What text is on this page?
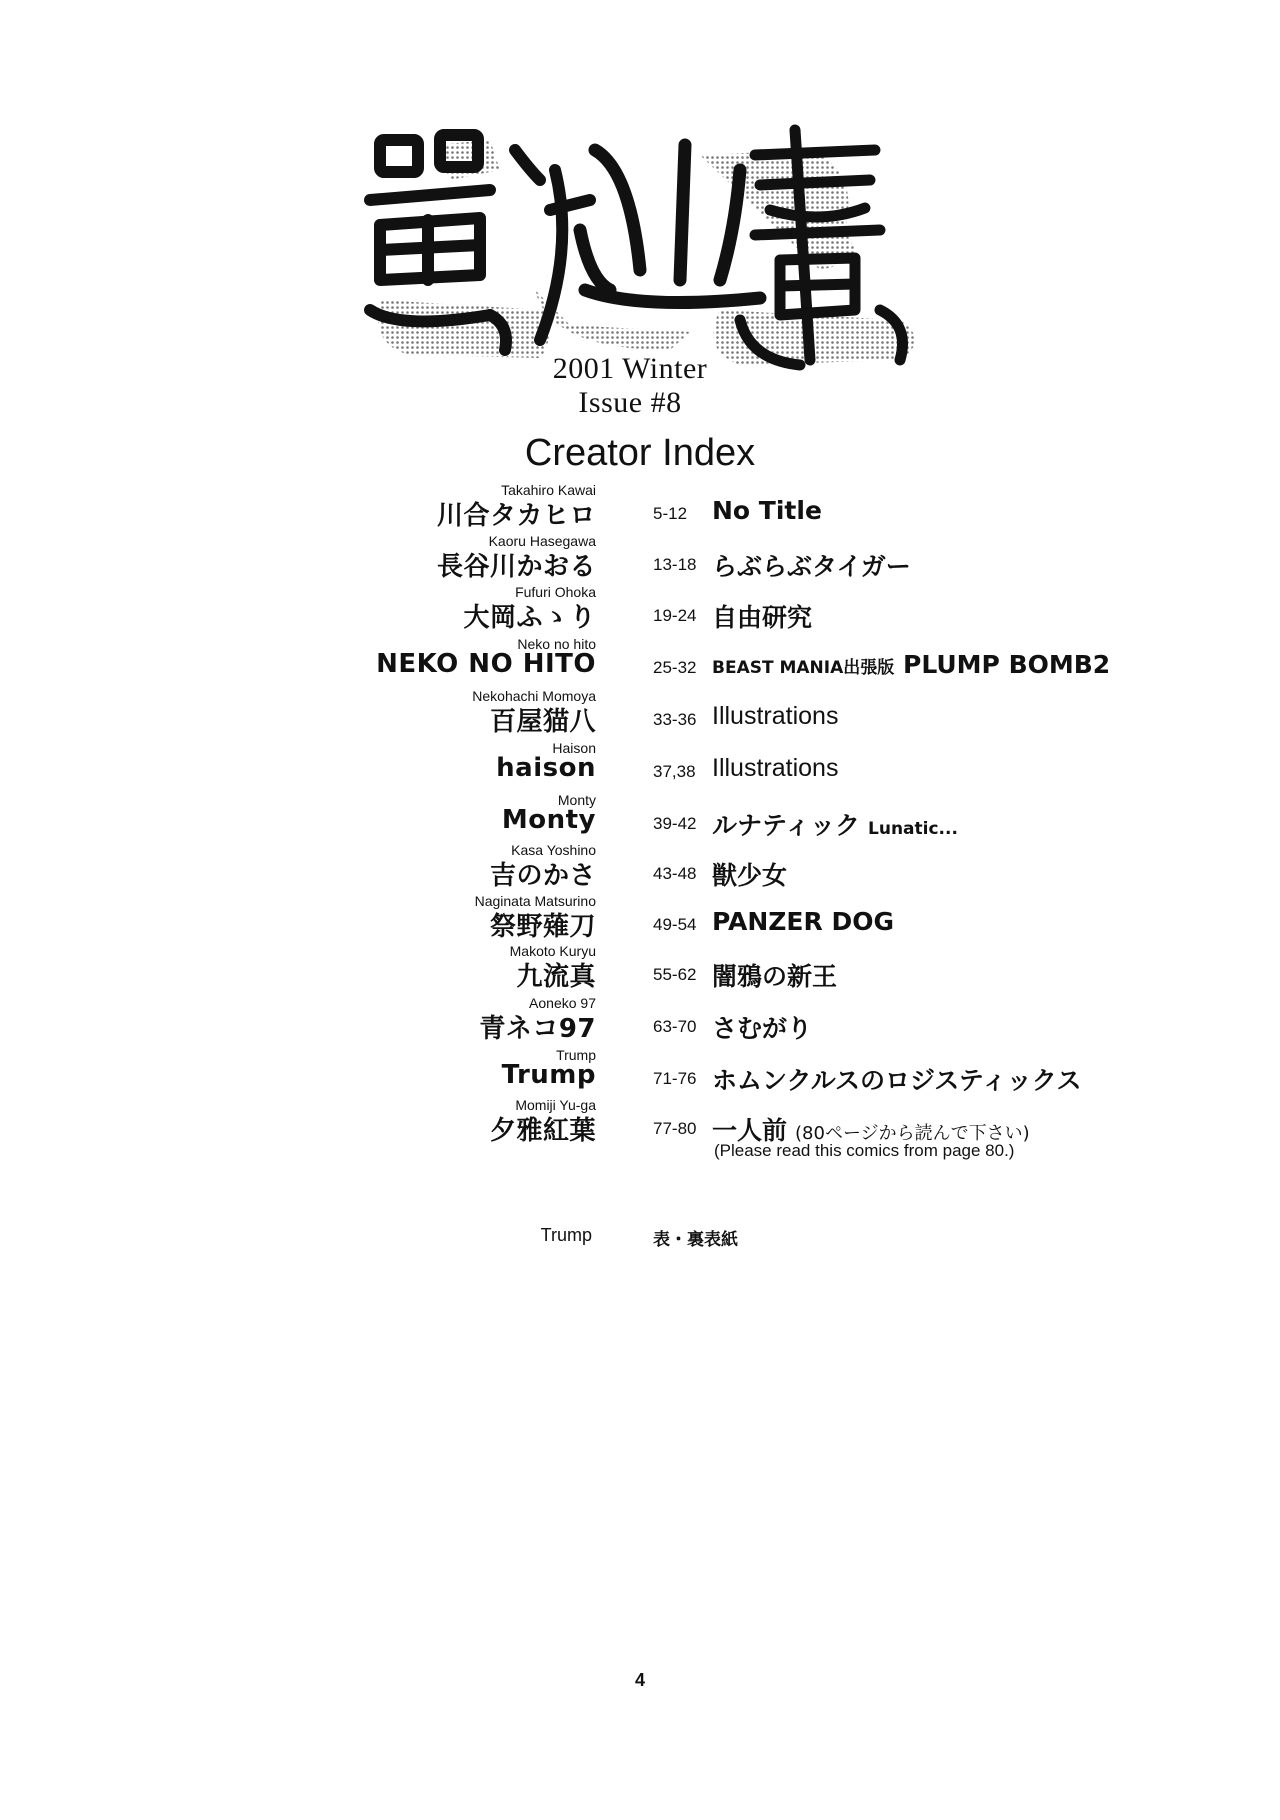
2001 Winter
Issue #8
Creator Index
Takahiro Kawai
川合タカヒロ	5-12 No Title
Kaoru Hasegawa
長谷川かおる	13-18 らぶらぶタイガー
Fufuri Ohoka
大岡ふゝり	19-24 自由研究
Neko no hito
NEKO NO HITO	25-32 BEAST MANIA出張版 PLUMP BOMB2
Nekohachi Momoya
百屋猫八	33-36 Illustrations
Haison
haison	37,38 Illustrations
Monty
Monty	39-42 ルナティック Lunatic...
Kasa Yoshino
吉のかさ	43-48 獣少女
Naginata Matsurino
祭野薙刀	49-54 PANZER DOG
Makoto Kuryu
九流真	55-62 闇鴉の新王
Aoneko 97
青ネコ97	63-70 さむがり
Trump
Trump	71-76 ホムンクルスのロジスティックス
Momiji Yu-ga
夕雅紅葉	77-80 一人前 (80ページから読んで下さい)
(Please read this comics from page 80.)
Trump	表・裏表紙
4
